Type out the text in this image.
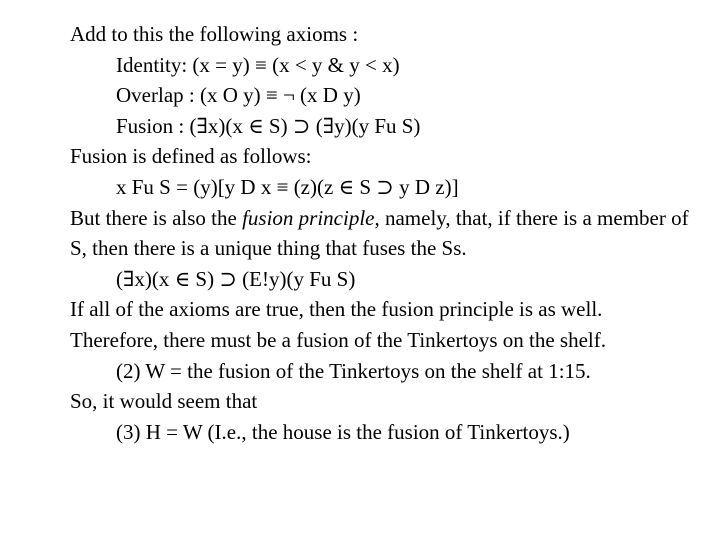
Add to this the following axioms :
Identity: (x = y) ≡ (x < y & y < x)
Overlap : (x O y) ≡ ¬ (x D y)
Fusion : (∃x)(x ∈ S) ⊃ (∃y)(y Fu S)
Fusion is defined as follows:
x Fu S = (y)[y D x ≡ (z)(z ∈ S ⊃ y D z)]
But there is also the fusion principle, namely, that, if there is a member of S, then there is a unique thing that fuses the Ss.
(∃x)(x ∈ S) ⊃ (E!y)(y Fu S)
If all of the axioms are true, then the fusion principle is as well.
Therefore, there must be a fusion of the Tinkertoys on the shelf.
(2) W = the fusion of the Tinkertoys on the shelf at 1:15.
So, it would seem that
(3) H = W (I.e., the house is the fusion of Tinkertoys.)
